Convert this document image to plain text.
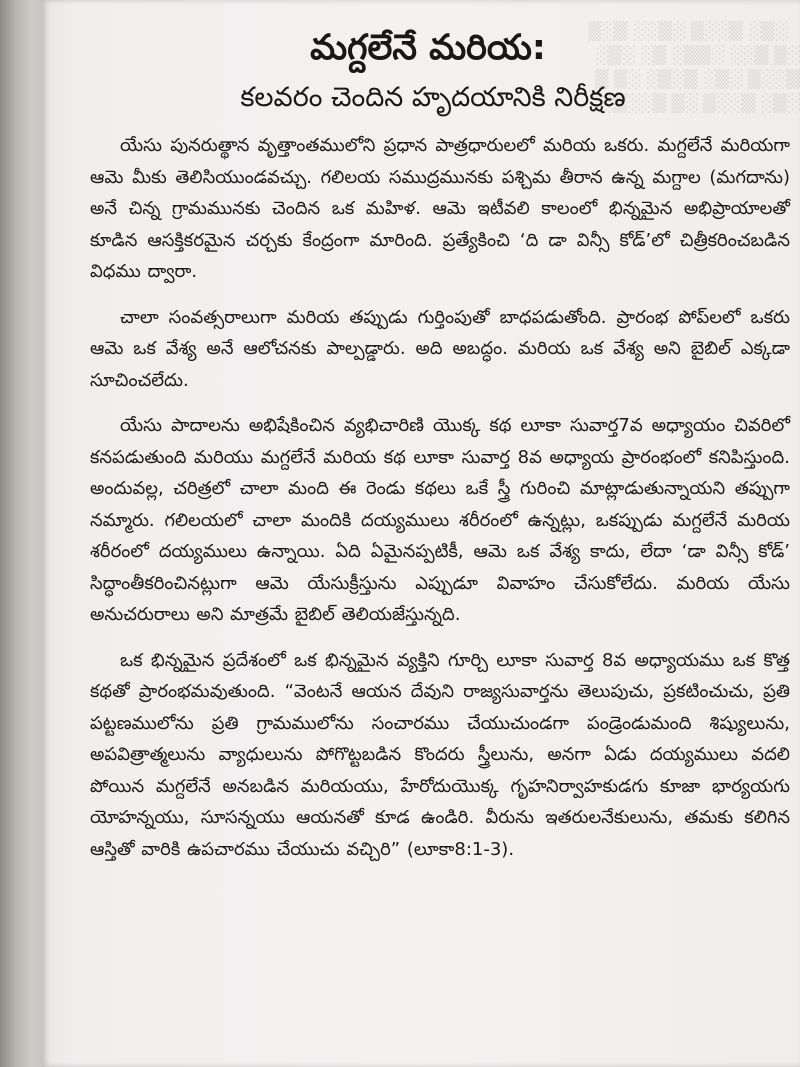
⠀░▒░ ▒░░▒ ░▒░░ ▒░▒
░▒ ▒░░ ░▒▒░ ▒░ ░▒░
▒░░▒ ░▒░ ▒░▒░ ░▒ ▒
░▒░ ▒░░▒ ░▒ ▒░░▒░
మగ్దలేనే మరియ:
కలవరం చెందిన హృదయానికి నిరీక్షణ

యేసు పునరుత్థాన వృత్తాంతములోని ప్రధాన పాత్రధారులలో మరియ ఒకరు. మగ్దలేనే మరియగా ఆమె మీకు తెలిసియుండవచ్చు. గలిలయ సముద్రమునకు పశ్చిమ తీరాన ఉన్న మగ్దాల (మగదాను) అనే చిన్న గ్రామమునకు చెందిన ఒక మహిళ. ఆమె ఇటీవలి కాలంలో భిన్నమైన అభిప్రాయాలతో కూడిన ఆసక్తికరమైన చర్చకు కేంద్రంగా మారింది. ప్రత్యేకించి ‘ది డా విన్సీ కోడ్’లో చిత్రీకరించబడిన విధము ద్వారా.

చాలా సంవత్సరాలుగా మరియ తప్పుడు గుర్తింపుతో బాధపడుతోంది. ప్రారంభ పోప్‌లలో ఒకరు ఆమె ఒక వేశ్య అనే ఆలోచనకు పాల్పడ్డారు. అది అబద్ధం. మరియ ఒక వేశ్య అని బైబిల్ ఎక్కడా సూచించలేదు.

యేసు పాదాలను అభిషేకించిన వ్యభిచారిణి యొక్క కథ లూకా సువార్త7వ అధ్యాయం చివరిలో కనపడుతుంది మరియు మగ్దలేనే మరియ కథ లూకా సువార్త 8వ అధ్యాయ ప్రారంభంలో కనిపిస్తుంది. అందువల్ల, చరిత్రలో చాలా మంది ఈ రెండు కథలు ఒకే స్త్రీ గురించి మాట్లాడుతున్నాయని తప్పుగా నమ్మారు. గలిలయలో చాలా మందికి దయ్యములు శరీరంలో ఉన్నట్లు, ఒకప్పుడు మగ్దలేనే మరియ శరీరంలో దయ్యములు ఉన్నాయి. ఏది ఏమైనప్పటికీ, ఆమె ఒక వేశ్య కాదు, లేదా ‘డా విన్సీ కోడ్’ సిద్ధాంతీకరించినట్లుగా ఆమె యేసుక్రీస్తును ఎప్పుడూ వివాహం చేసుకోలేదు. మరియ యేసు అనుచరురాలు అని మాత్రమే బైబిల్ తెలియజేస్తున్నది.

ఒక భిన్నమైన ప్రదేశంలో ఒక భిన్నమైన వ్యక్తిని గూర్చి లూకా సువార్త 8వ అధ్యాయము ఒక కొత్త కథతో ప్రారంభమవుతుంది. “వెంటనే ఆయన దేవుని రాజ్యసువార్తను తెలుపుచు, ప్రకటించుచు, ప్రతి పట్టణములోను ప్రతి గ్రామములోను సంచారము చేయుచుండగా పండ్రెండుమంది శిష్యులును, అపవిత్రాత్మలును వ్యాధులును పోగొట్టబడిన కొందరు స్త్రీలును, అనగా ఏడు దయ్యములు వదలి పోయిన మగ్దలేనే అనబడిన మరియయు, హేరోదుయొక్క గృహనిర్వాహకుడగు కూజా భార్యయగు యోహన్నయు, సూసన్నయు ఆయనతో కూడ ఉండిరి. వీరును ఇతరులనేకులును, తమకు కలిగిన ఆస్తితో వారికి ఉపచారము చేయుచు వచ్చిరి” (లూకా8:1-3).
